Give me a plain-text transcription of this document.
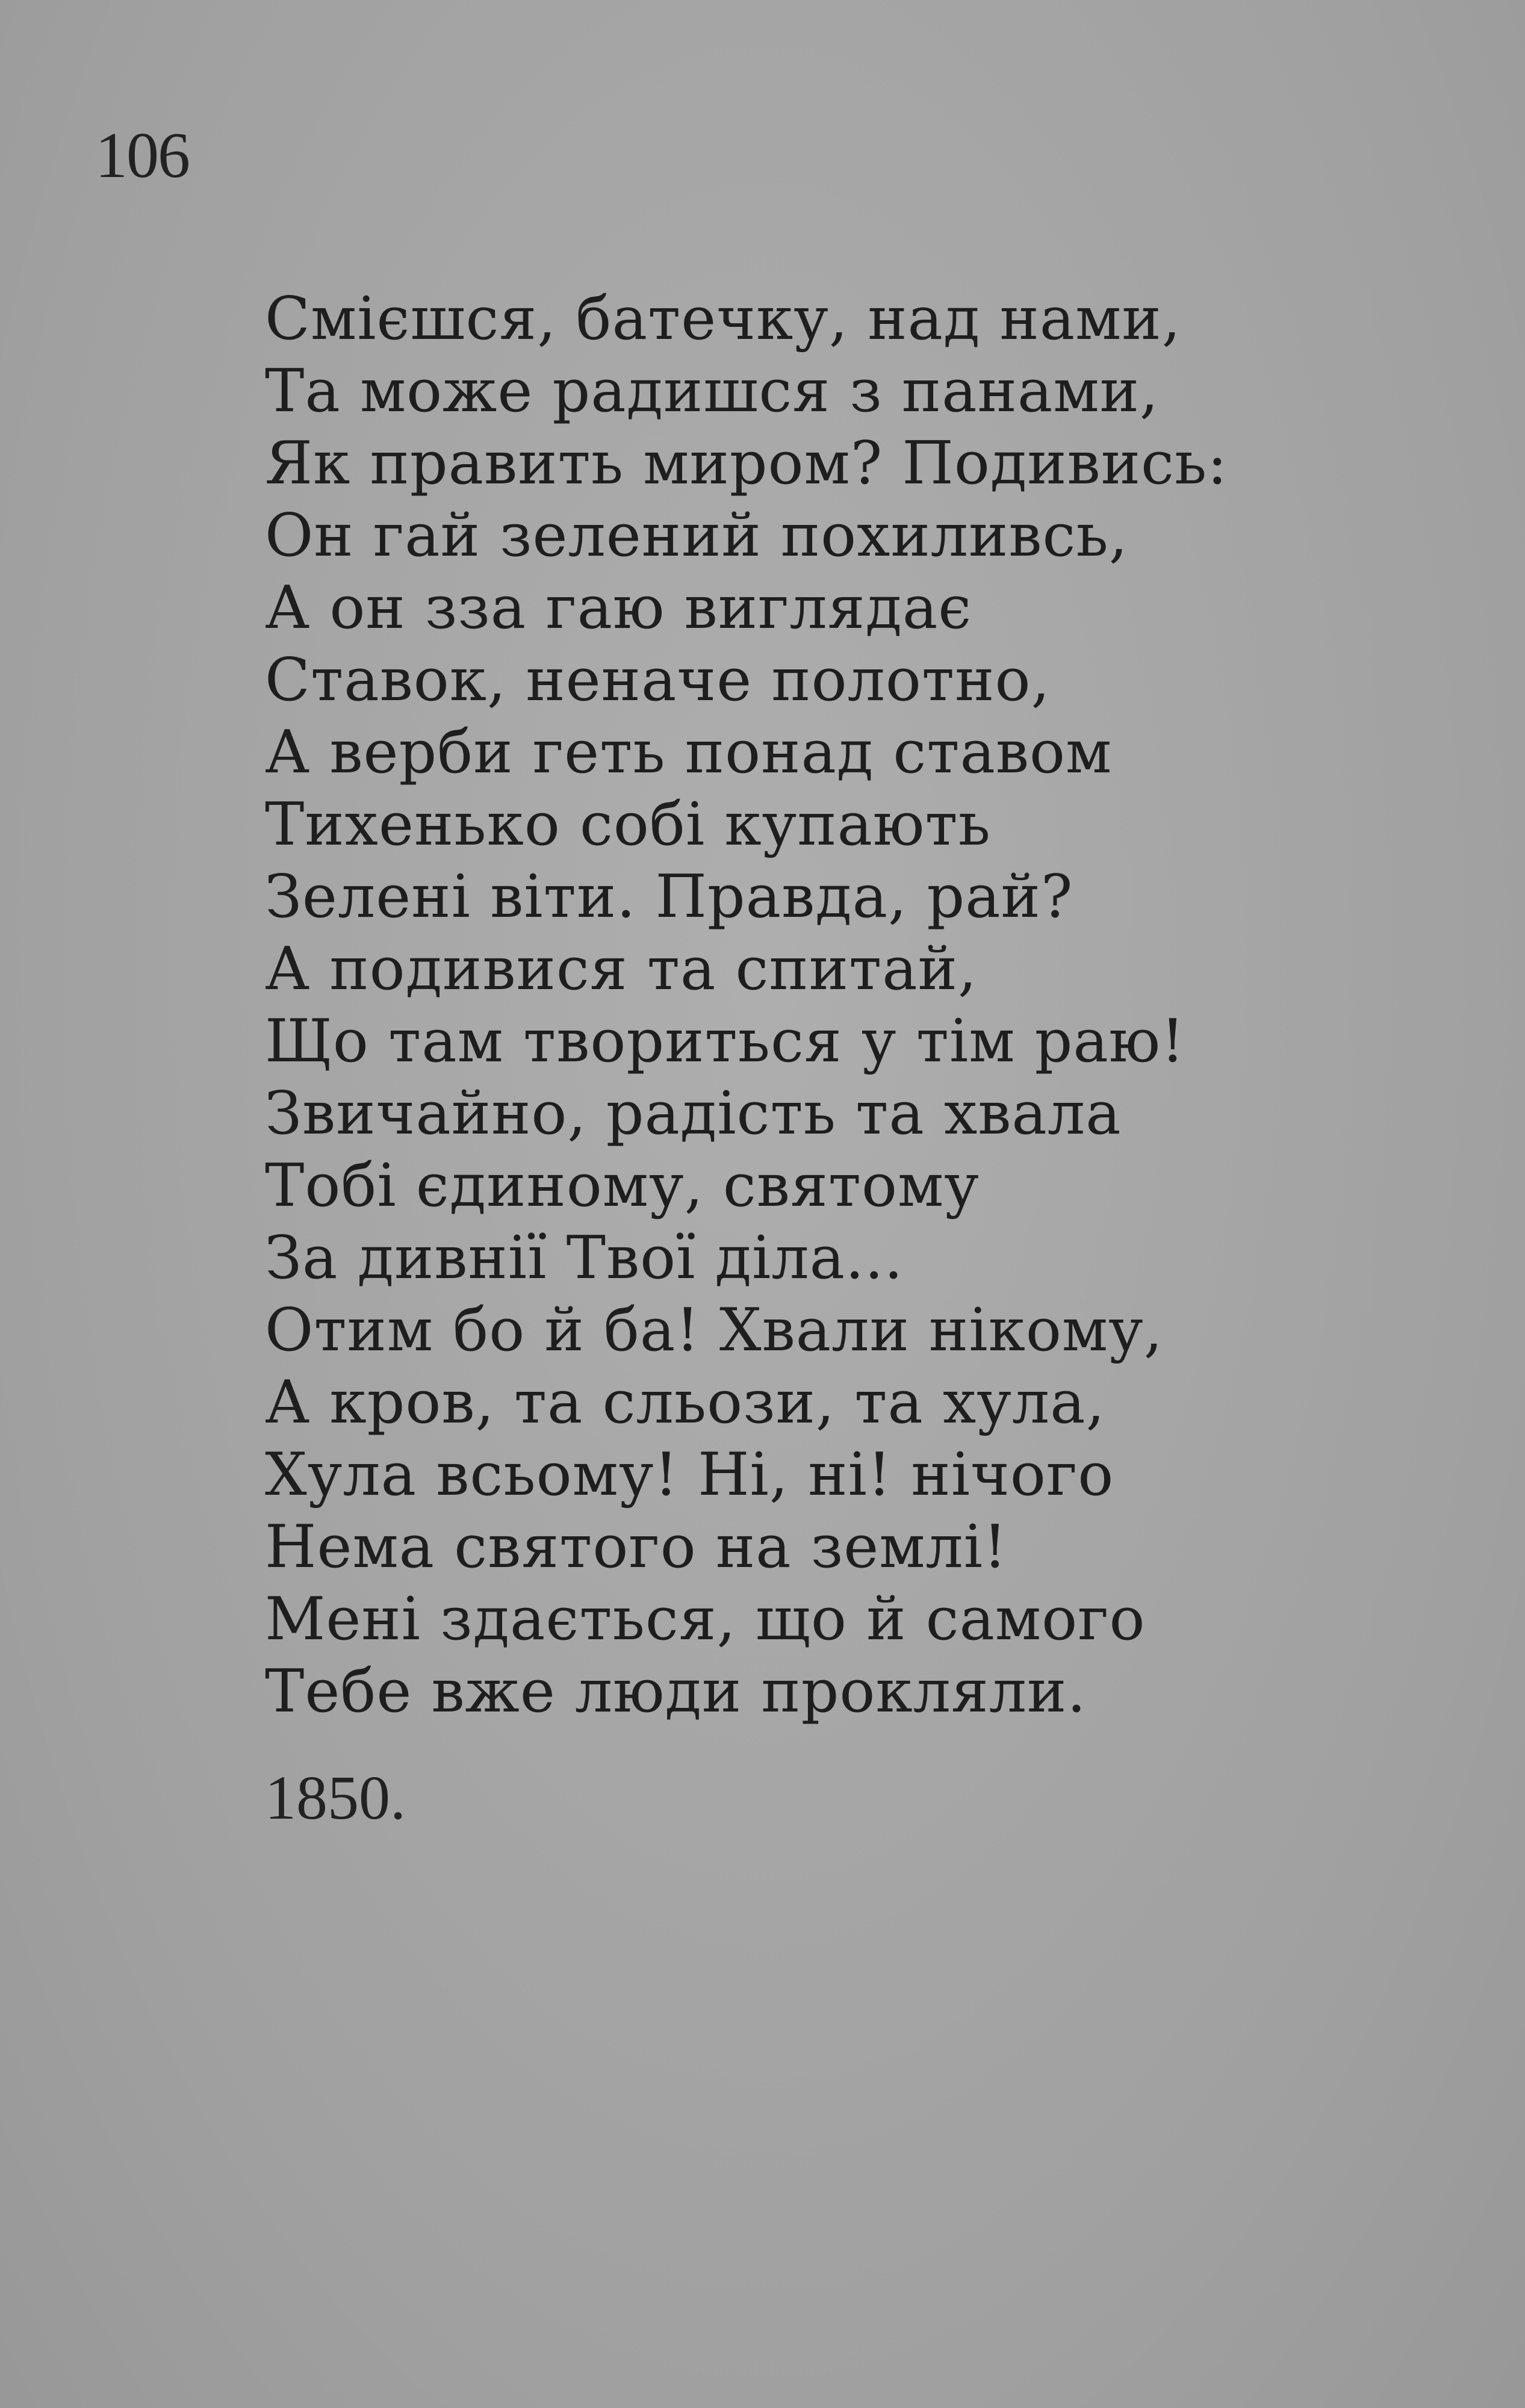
106
Смієшся, батечку, над нами,
Та може радишся з панами,
Як править миром? Подивись:
Он гай зелений похиливсь,
А он зза гаю виглядає
Ставок, неначе полотно,
А верби геть понад ставом
Тихенько собі купають
Зелені віти. Правда, рай?
А подивися та спитай,
Що там твориться у тім раю!
Звичайно, радість та хвала
Тобі єдиному, святому
За дивнії Твої діла...
Отим бо й ба! Хвали нікому,
А кров, та сльози, та хула,
Хула всьому! Ні, ні! нічого
Нема святого на землі!
Мені здається, що й самого
Тебе вже люди прокляли.
1850.
